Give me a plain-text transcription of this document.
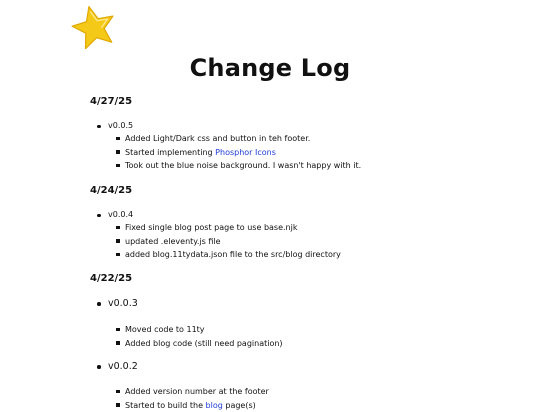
Change Log
4/27/25
v0.0.5
Added Light/Dark css and button in teh footer.
Started implementing Phosphor Icons
Took out the blue noise background. I wasn't happy with it.
4/24/25
v0.0.4
Fixed single blog post page to use base.njk
updated .eleventy.js file
added blog.11tydata.json file to the src/blog directory
4/22/25
v0.0.3
Moved code to 11ty
Added blog code (still need pagination)
v0.0.2
Added version number at the footer
Started to build the blog page(s)
